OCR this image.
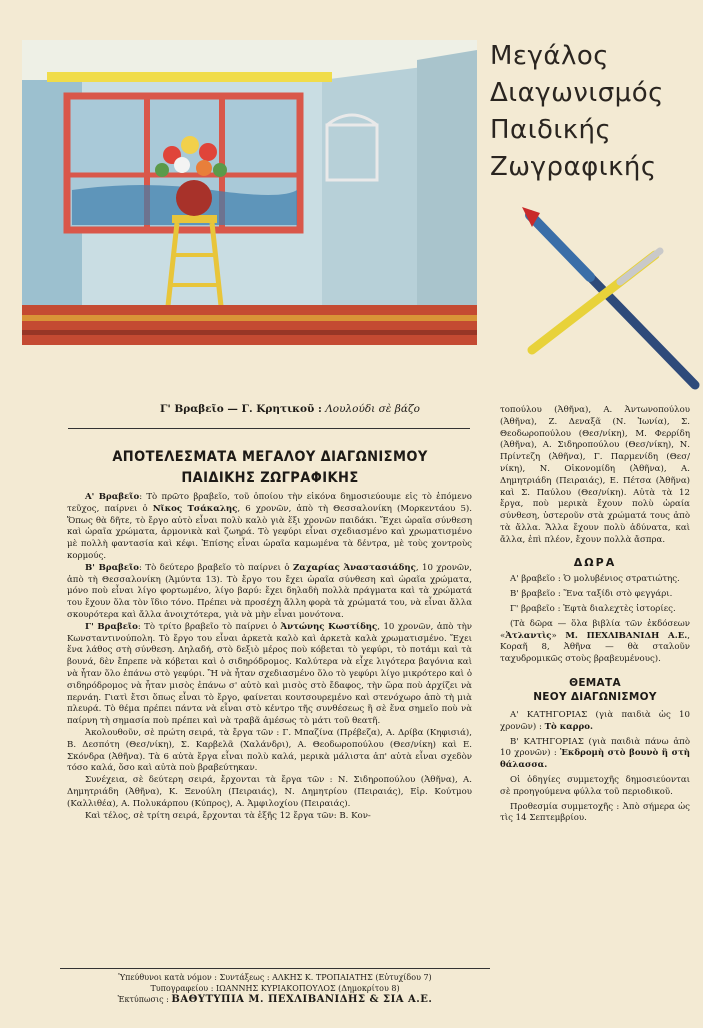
Μεγάλος
Διαγωνισμός
Παιδικής
Ζωγραφικής
Γ' Βραβεῖο — Γ. Κρητικοῦ : Λουλούδι σὲ βάζο
ΑΠΟΤΕΛΕΣΜΑΤΑ ΜΕΓΑΛΟΥ ΔΙΑΓΩΝΙΣΜΟΥ
ΠΑΙΔΙΚΗΣ ΖΩΓΡΑΦΙΚΗΣ

Α' Βραβεῖο: Τὸ πρῶτο βραβεῖο, τοῦ ὁποίου τὴν εἰκόνα δημοσιεύουμε εἰς τὸ ἑπόμενο τεῦχος, παίρνει ὁ Νῖκος Τσάκαλης, 6 χρονῶν, ἀπὸ τὴ Θεσσαλονίκη (Μορκεντάου 5). Ὅπως θὰ δῆτε, τὸ ἔργο αὐτὸ εἶναι πολὺ καλὸ γιὰ ἕξι χρονῶν παιδάκι. Ἔχει ὡραῖα σύνθεση καὶ ὡραῖα χρώματα, ἁρμονικὰ καὶ ζωηρά. Τὸ γεφύρι εἶναι σχεδιασμένο καὶ χρωματισμένο μὲ πολλὴ φαντασία καὶ κέφι. Ἐπίσης εἶναι ὡραῖα καμωμένα τὰ δέντρα, μὲ τοὺς χοντροὺς κορμούς.

Β' Βραβεῖο: Τὸ δεύτερο βραβεῖο τὸ παίρνει ὁ Ζαχαρίας Ἀναστασιάδης, 10 χρονῶν, ἀπὸ τὴ Θεσσαλονίκη (Ἀμύντα 13). Τὸ ἔργο του ἔχει ὡραῖα σύνθεση καὶ ὡραῖα χρώματα, μόνο ποὺ εἶναι λίγο φορτωμένο, λίγο βαρύ: ἔχει δηλαδὴ πολλὰ πράγματα καὶ τὰ χρώματά του ἔχουν ὅλα τὸν ἴδιο τόνο. Πρέπει νὰ προσέχη ἄλλη φορὰ τὰ χρώματά του, νὰ εἶναι ἄλλα σκουρότερα καὶ ἄλλα ἀνοιχτότερα, γιὰ νὰ μὴν εἶναι μονότονα.

Γ' Βραβεῖο: Τὸ τρίτο βραβεῖο τὸ παίρνει ὁ Ἀντώνης Κωστίδης, 10 χρονῶν, ἀπὸ τὴν Κωνσταντινούπολη. Τὸ ἔργο του εἶναι ἀρκετὰ καλὸ καὶ ἀρκετὰ καλὰ χρωματισμένο. Ἔχει ἕνα λάθος στὴ σύνθεση. Δηλαδή, στὸ δεξιὸ μέρος ποὺ κόβεται τὸ γεφύρι, τὸ ποτάμι καὶ τὰ βουνά, δὲν ἔπρεπε νὰ κόβεται καὶ ὁ σιδηρόδρομος. Καλύτερα νὰ εἶχε λιγότερα βαγόνια καὶ νὰ ἦταν ὅλο ἐπάνω στὸ γεφύρι. Ἢ νὰ ἦταν σχεδιασμένο ὅλο τὸ γεφύρι λίγο μικρότερο καὶ ὁ σιδηρόδρομος νὰ ἦταν μισὸς ἐπάνω σ' αὐτὸ καὶ μισὸς στὸ ἔδαφος, τὴν ὥρα ποὺ ἀρχίζει νὰ περνάη. Γιατὶ ἔτσι ὅπως εἶναι τὸ ἔργο, φαίνεται κουτσουρεμένο καὶ στενόχωρο ἀπὸ τὴ μιὰ πλευρά. Τὸ θέμα πρέπει πάντα νὰ εἶναι στὸ κέντρο τῆς συνθέσεως ἢ σὲ ἕνα σημεῖο ποὺ νὰ παίρνη τὴ σημασία ποὺ πρέπει καὶ νὰ τραβᾶ ἀμέσως τὸ μάτι τοῦ θεατῆ.

Ἀκολουθοῦν, σὲ πρώτη σειρά, τὰ ἔργα τῶν : Γ. Μπαζίνα (Πρέβεζα), Α. Δρίβα (Κηφισιά), Β. Δεσπότη (Θεσ/νίκη), Σ. Καρβελᾶ (Χαλάνδρι), Α. Θεοδωροπούλου (Θεσ/νίκη) καὶ Ε. Σκόνδρα (Ἀθῆνα). Τὰ 6 αὐτὰ ἔργα εἶναι πολὺ καλά, μερικὰ μάλιστα ἀπ' αὐτὰ εἶναι σχεδὸν τόσο καλά, ὅσο καὶ αὐτὰ ποὺ βραβεύτηκαν.

Συνέχεια, σὲ δεύτερη σειρά, ἔρχονται τὰ ἔργα τῶν : Ν. Σιδηροπούλου (Ἀθῆνα), Α. Δημητριάδη (Ἀθῆνα), Κ. Ξενούλη (Πειραιάς), Ν. Δημητρίου (Πειραιάς), Εἰρ. Κούτμου (Καλλιθέα), Α. Πολυκάρπου (Κύπρος), Α. Ἀμφιλοχίου (Πειραιάς).

Καὶ τέλος, σὲ τρίτη σειρά, ἔρχονται τὰ ἑξῆς 12 ἔργα τῶν: Β. Κον-

τοπούλου (Ἀθῆνα), Α. Ἀντωνοπούλου (Ἀθῆνα), Ζ. Δεναξᾶ (Ν. Ἰωνία), Σ. Θεοδωροπούλου (Θεσ/νίκη), Μ. Φερρίδη (Ἀθῆνα), Α. Σιδηροπούλου (Θεσ/νίκη), Ν. Πρίντεζη (Ἀθῆνα), Γ. Παρμενίδη (Θεσ/νίκη), Ν. Οἰκονομίδη (Ἀθῆνα), Α. Δημητριάδη (Πειραιάς), Ε. Πέτσα (Ἀθῆνα) καὶ Σ. Παύλου (Θεσ/νίκη). Αὐτὰ τὰ 12 ἔργα, ποὺ μερικὰ ἔχουν πολὺ ὡραία σύνθεση, ὑστεροῦν στὰ χρώματά τους ἀπὸ τὰ ἄλλα. Ἄλλα ἔχουν πολὺ ἀδύνατα, καὶ ἄλλα, ἐπὶ πλέον, ἔχουν πολλὰ ἄσπρα.

ΔΩΡΑ

Α' βραβεῖο : Ὁ μολυβένιος στρατιώτης.

Β' βραβεῖο : Ἕνα ταξίδι στὸ φεγγάρι.

Γ' βραβεῖο : Ἑφτὰ διαλεχτὲς ἱστορίες.

(Τὰ δῶρα — ὅλα βιβλία τῶν ἐκδόσεων «Ἀτλαντὶς» Μ. ΠΕΧΛΙΒΑΝΙΔΗ Α.Ε., Κοραῆ 8, Ἀθῆνα — θὰ σταλοῦν ταχυδρομικῶς στοὺς βραβευμένους).

ΘΕΜΑΤΑ
ΝΕΟΥ ΔΙΑΓΩΝΙΣΜΟΥ

Α' ΚΑΤΗΓΟΡΙΑΣ (γιὰ παιδιὰ ὡς 10 χρονῶν) : Τὸ καρρο.

Β' ΚΑΤΗΓΟΡΙΑΣ (γιὰ παιδιὰ πάνω ἀπὸ 10 χρονῶν) : Ἐκδρομὴ στὸ βουνὸ ἢ στὴ θάλασσα.

Οἱ ὁδηγίες συμμετοχῆς δημοσιεύονται σὲ προηγούμενα φύλλα τοῦ περιοδικοῦ.

Προθεσμία συμμετοχῆς : Ἀπὸ σήμερα ὡς τὶς 14 Σεπτεμβρίου.

Ὑπεύθυνοι κατὰ νόμον : Συντάξεως : ΑΛΚΗΣ Κ. ΤΡΟΠΑΙΑΤΗΣ (Εὐτυχίδου 7)
Τυπογραφείου : ΙΩΑΝΝΗΣ ΚΥΡΙΑΚΟΠΟΥΛΟΣ (Δημοκρίτου 8)
Ἐκτύπωσις : ΒΑΘΥΤΥΠΙΑ Μ. ΠΕΧΛΙΒΑΝΙΔΗΣ & ΣΙΑ Α.Ε.
